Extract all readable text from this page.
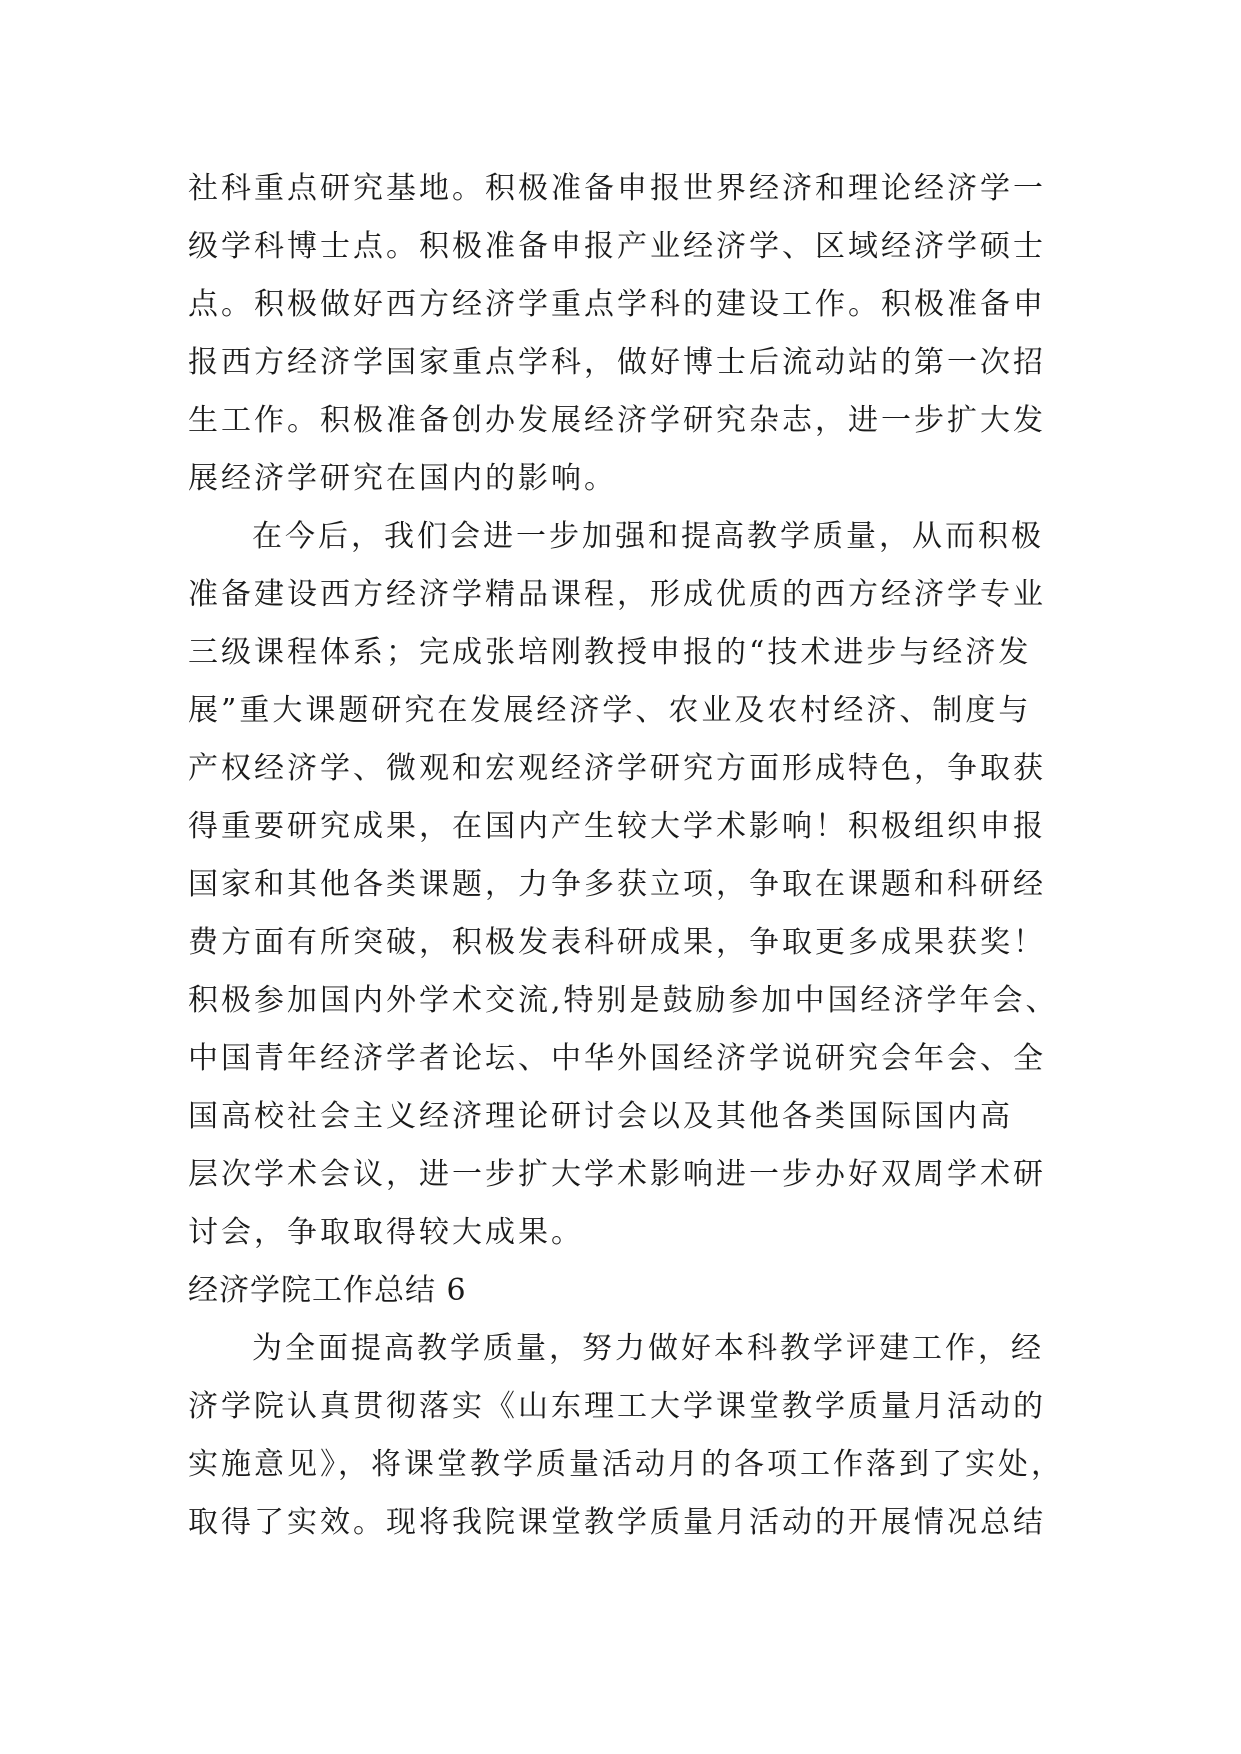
社科重点研究基地。积极准备申报世界经济和理论经济学一
级学科博士点。积极准备申报产业经济学、区域经济学硕士
点。积极做好西方经济学重点学科的建设工作。积极准备申
报西方经济学国家重点学科，做好博士后流动站的第一次招
生工作。积极准备创办发展经济学研究杂志，进一步扩大发
展经济学研究在国内的影响。
在今后，我们会进一步加强和提高教学质量，从而积极
准备建设西方经济学精品课程，形成优质的西方经济学专业
三级课程体系；完成张培刚教授申报的“技术进步与经济发
展”重大课题研究在发展经济学、农业及农村经济、制度与
产权经济学、微观和宏观经济学研究方面形成特色，争取获
得重要研究成果，在国内产生较大学术影响！积极组织申报
国家和其他各类课题，力争多获立项，争取在课题和科研经
费方面有所突破，积极发表科研成果，争取更多成果获奖！
积极参加国内外学术交流,特别是鼓励参加中国经济学年会、
中国青年经济学者论坛、中华外国经济学说研究会年会、全
国高校社会主义经济理论研讨会以及其他各类国际国内高
层次学术会议，进一步扩大学术影响进一步办好双周学术研
讨会，争取取得较大成果。
经济学院工作总结 6
为全面提高教学质量，努力做好本科教学评建工作，经
济学院认真贯彻落实《山东理工大学课堂教学质量月活动的
实施意见》，将课堂教学质量活动月的各项工作落到了实处，
取得了实效。现将我院课堂教学质量月活动的开展情况总结
